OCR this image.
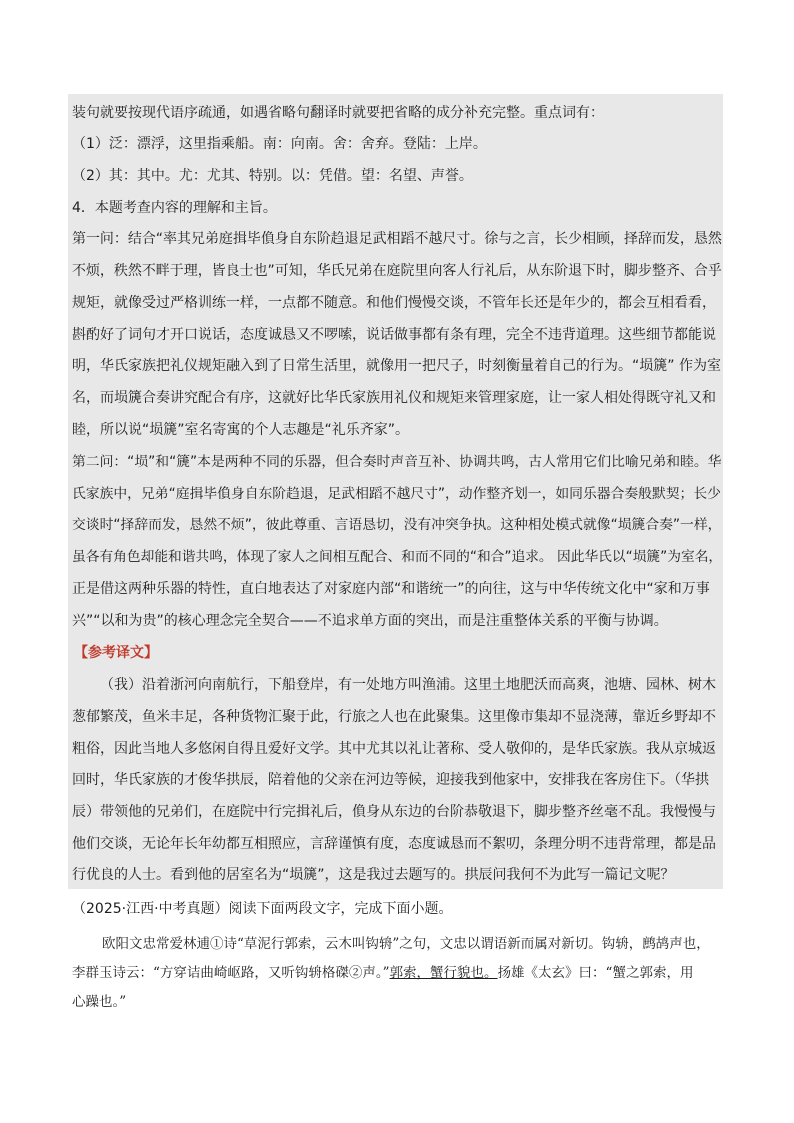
装句就要按现代语序疏通，如遇省略句翻译时就要把省略的成分补充完整。重点词有：
（1）泛：漂浮，这里指乘船。南：向南。舍：舍弃。登陆：上岸。
（2）其：其中。尤：尤其、特别。以：凭借。望：名望、声誉。
4．本题考查内容的理解和主旨。
第一问：结合“率其兄弟庭揖毕偩身自东阶趋退足武相蹈不越尺寸。徐与之言，长少相顾，择辞而发，恳然
不烦，秩然不畔于理，皆良士也”可知，华氏兄弟在庭院里向客人行礼后，从东阶退下时，脚步整齐、合乎
规矩，就像受过严格训练一样，一点都不随意。和他们慢慢交谈，不管年长还是年少的，都会互相看看，
斟酌好了词句才开口说话，态度诚恳又不啰嗦，说话做事都有条有理，完全不违背道理。这些细节都能说
明，华氏家族把礼仪规矩融入到了日常生活里，就像用一把尺子，时刻衡量着自己的行为。“埙篪” 作为室
名，而埙篪合奏讲究配合有序，这就好比华氏家族用礼仪和规矩来管理家庭，让一家人相处得既守礼又和
睦，所以说“埙篪”室名寄寓的个人志趣是“礼乐齐家”。
第二问：“埙”和“篪”本是两种不同的乐器，但合奏时声音互补、协调共鸣，古人常用它们比喻兄弟和睦。华
氏家族中，兄弟“庭揖毕偩身自东阶趋退，足武相蹈不越尺寸”，动作整齐划一，如同乐器合奏般默契；长少
交谈时“择辞而发，恳然不烦”，彼此尊重、言语恳切，没有冲突争执。这种相处模式就像“埙篪合奏”一样，
虽各有角色却能和谐共鸣，体现了家人之间相互配合、和而不同的“和合”追求。 因此华氏以“埙篪”为室名，
正是借这两种乐器的特性，直白地表达了对家庭内部“和谐统一”的向往，这与中华传统文化中“家和万事
兴”“以和为贵”的核心理念完全契合——不追求单方面的突出，而是注重整体关系的平衡与协调。
（我）沿着浙河向南航行，下船登岸，有一处地方叫渔浦。这里土地肥沃而高爽，池塘、园林、树木
葱郁繁茂，鱼米丰足，各种货物汇聚于此，行旅之人也在此聚集。这里像市集却不显浇薄，靠近乡野却不
粗俗，因此当地人多悠闲自得且爱好文学。其中尤其以礼让著称、受人敬仰的，是华氏家族。我从京城返
回时，华氏家族的才俊华拱辰，陪着他的父亲在河边等候，迎接我到他家中，安排我在客房住下。（华拱
辰）带领他的兄弟们，在庭院中行完揖礼后，偩身从东边的台阶恭敬退下，脚步整齐丝毫不乱。我慢慢与
他们交谈，无论年长年幼都互相照应，言辞谨慎有度，态度诚恳而不絮叨，条理分明不违背常理，都是品
行优良的人士。看到他的居室名为“埙篪”，这是我过去题写的。拱辰问我何不为此写一篇记文呢？
【参考译文】
（2025·江西·中考真题）阅读下面两段文字，完成下面小题。
欧阳文忠常爱林逋①诗“草泥行郭索，云木叫钩辀”之句，文忠以谓语新而属对新切。钩辀，鹧鸪声也，
李群玉诗云：“方穿诘曲崎岖路，又听钩辀格磔②声。”郭索，蟹行貌也。扬雄《太玄》曰：“蟹之郭索，用
心躁也。”
